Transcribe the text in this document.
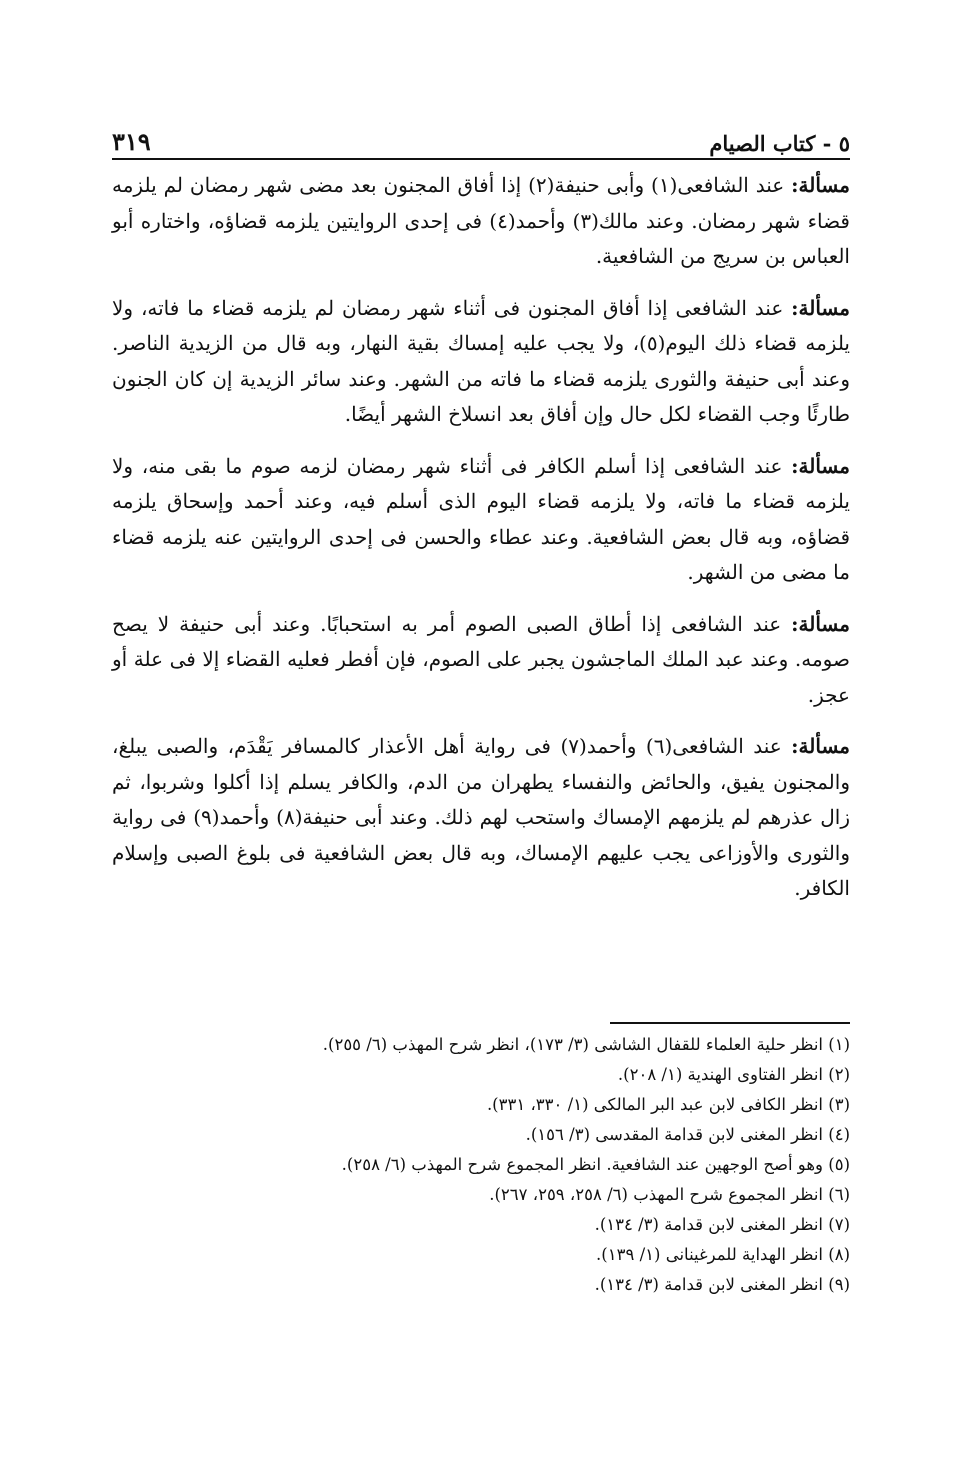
٥ - كتاب الصيام
٣١٩

مسألة: عند الشافعى(١) وأبى حنيفة(٢) إذا أفاق المجنون بعد مضى شهر رمضان لم يلزمه قضاء شهر رمضان. وعند مالك(٣) وأحمد(٤) فى إحدى الروايتين يلزمه قضاؤه، واختاره أبو العباس بن سريج من الشافعية.

مسألة: عند الشافعى إذا أفاق المجنون فى أثناء شهر رمضان لم يلزمه قضاء ما فاته، ولا يلزمه قضاء ذلك اليوم(٥)، ولا يجب عليه إمساك بقية النهار، وبه قال من الزيدية الناصر. وعند أبى حنيفة والثورى يلزمه قضاء ما فاته من الشهر. وعند سائر الزيدية إن كان الجنون طارئًا وجب القضاء لكل حال وإن أفاق بعد انسلاخ الشهر أيضًا.

مسألة: عند الشافعى إذا أسلم الكافر فى أثناء شهر رمضان لزمه صوم ما بقى منه، ولا يلزمه قضاء ما فاته، ولا يلزمه قضاء اليوم الذى أسلم فيه، وعند أحمد وإسحاق يلزمه قضاؤه، وبه قال بعض الشافعية. وعند عطاء والحسن فى إحدى الروايتين عنه يلزمه قضاء ما مضى من الشهر.

مسألة: عند الشافعى إذا أطاق الصبى الصوم أمر به استحبابًا. وعند أبى حنيفة لا يصح صومه. وعند عبد الملك الماجشون يجبر على الصوم، فإن أفطر فعليه القضاء إلا فى علة أو عجز.

مسألة: عند الشافعى(٦) وأحمد(٧) فى رواية أهل الأعذار كالمسافر يَقْدَم، والصبى يبلغ، والمجنون يفيق، والحائض والنفساء يطهران من الدم، والكافر يسلم إذا أكلوا وشربوا، ثم زال عذرهم لم يلزمهم الإمساك واستحب لهم ذلك. وعند أبى حنيفة(٨) وأحمد(٩) فى رواية والثورى والأوزاعى يجب عليهم الإمساك، وبه قال بعض الشافعية فى بلوغ الصبى وإسلام الكافر.

(١) انظر حلية العلماء للقفال الشاشى (٣/ ١٧٣)، انظر شرح المهذب (٦/ ٢٥٥).
(٢) انظر الفتاوى الهندية (١/ ٢٠٨).
(٣) انظر الكافى لابن عبد البر المالكى (١/ ٣٣٠، ٣٣١).
(٤) انظر المغنى لابن قدامة المقدسى (٣/ ١٥٦).
(٥) وهو أصح الوجهين عند الشافعية. انظر المجموع شرح المهذب (٦/ ٢٥٨).
(٦) انظر المجموع شرح المهذب (٦/ ٢٥٨، ٢٥٩، ٢٦٧).
(٧) انظر المغنى لابن قدامة (٣/ ١٣٤).
(٨) انظر الهداية للمرغينانى (١/ ١٣٩).
(٩) انظر المغنى لابن قدامة (٣/ ١٣٤).
